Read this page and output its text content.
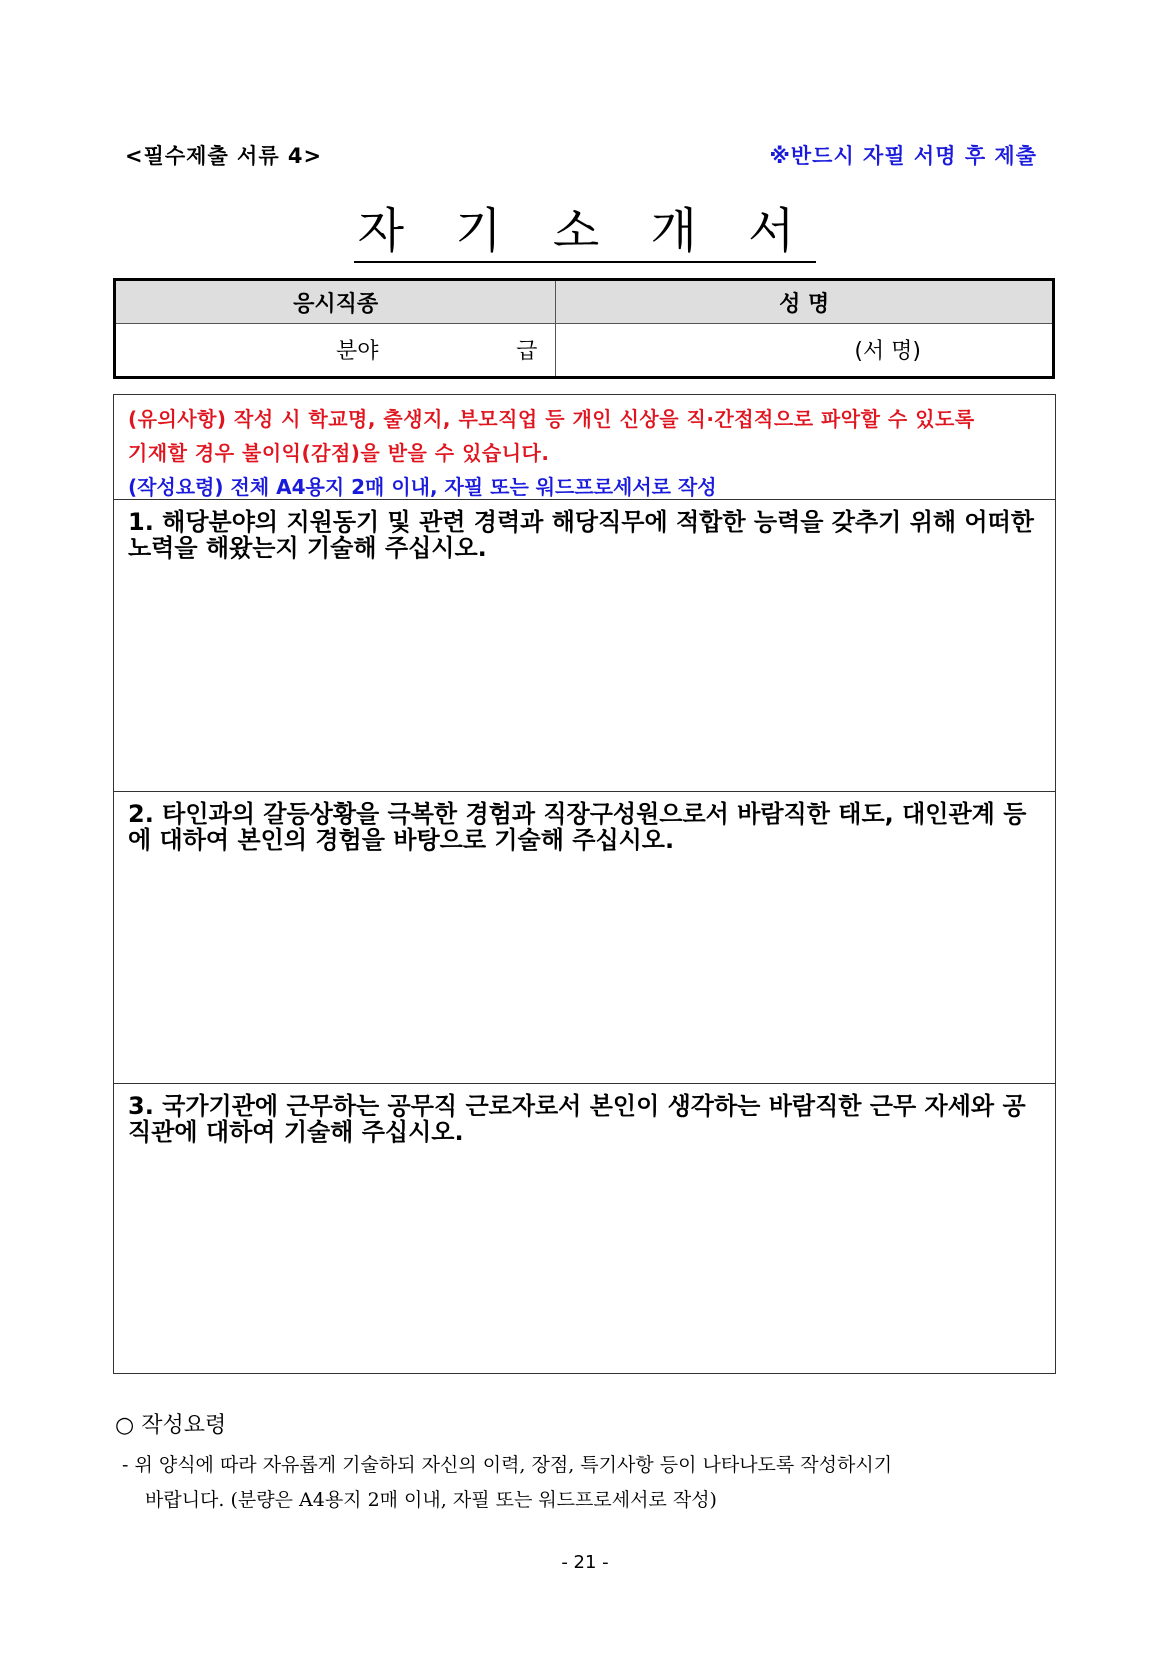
<필수제출 서류 4>	※반드시 자필 서명 후 제출
자 기 소 개 서
응시직종	성 명

분야 급	(서 명)
(유의사항) 작성 시 학교명, 출생지, 부모직업 등 개인 신상을 직·간접적으로 파악할 수 있도록
기재할 경우 불이익(감점)을 받을 수 있습니다.
(작성요령) 전체 A4용지 2매 이내, 자필 또는 워드프로세서로 작성

1. 해당분야의 지원동기 및 관련 경력과 해당직무에 적합한 능력을 갖추기 위해 어떠한 노력을 해왔는지 기술해 주십시오.

2. 타인과의 갈등상황을 극복한 경험과 직장구성원으로서 바람직한 태도, 대인관계 등에 대하여 본인의 경험을 바탕으로 기술해 주십시오.

3. 국가기관에 근무하는 공무직 근로자로서 본인이 생각하는 바람직한 근무 자세와 공직관에 대하여 기술해 주십시오.

○ 작성요령
- 위 양식에 따라 자유롭게 기술하되 자신의 이력, 장점, 특기사항 등이 나타나도록 작성하시기
바랍니다. (분량은 A4용지 2매 이내, 자필 또는 워드프로세서로 작성)
- 21 -
